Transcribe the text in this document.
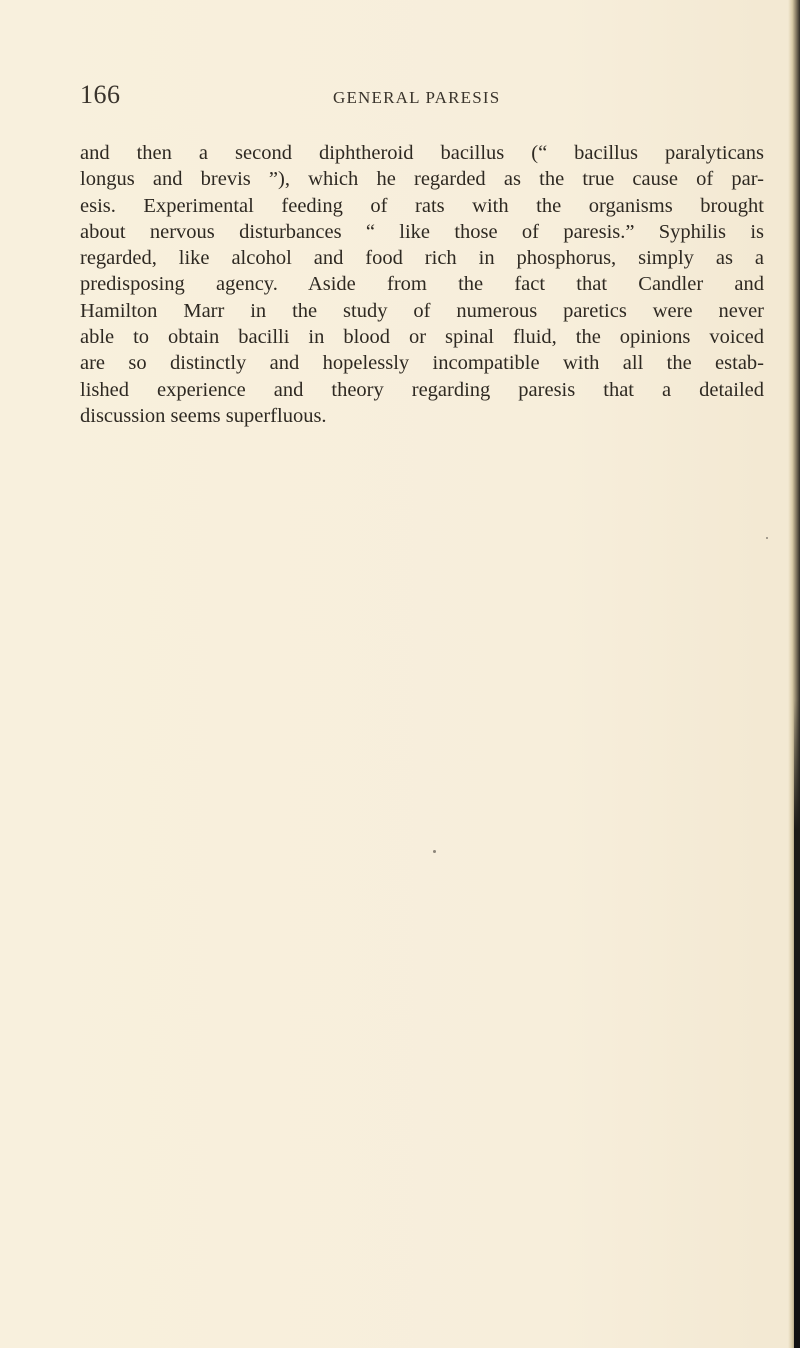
166	GENERAL PARESIS

and then a second diphtheroid bacillus (“ bacillus paralyticans
longus and brevis ”), which he regarded as the true cause of par-
esis. Experimental feeding of rats with the organisms brought
about nervous disturbances “ like those of paresis.” Syphilis is
regarded, like alcohol and food rich in phosphorus, simply as a
predisposing agency. Aside from the fact that Candler and
Hamilton Marr in the study of numerous paretics were never
able to obtain bacilli in blood or spinal fluid, the opinions voiced
are so distinctly and hopelessly incompatible with all the estab-
lished experience and theory regarding paresis that a detailed
discussion seems superfluous.
